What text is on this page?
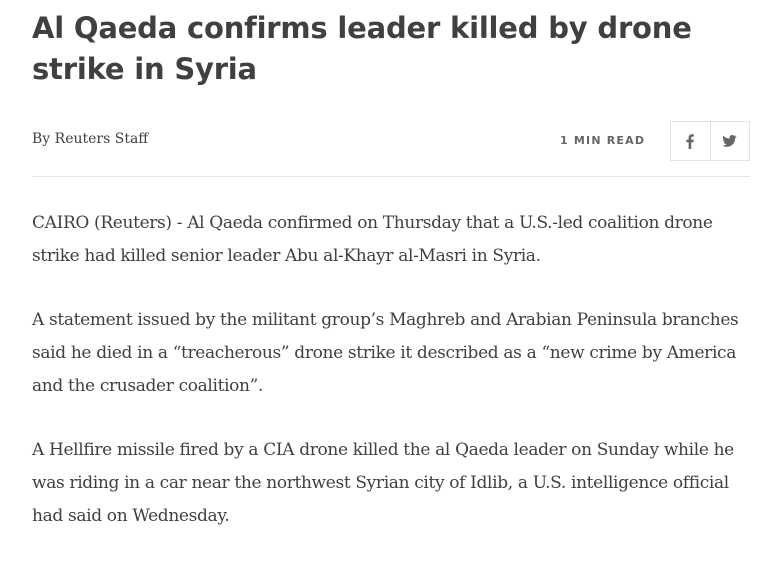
Al Qaeda confirms leader killed by drone strike in Syria
By Reuters Staff	1 MIN READ

CAIRO (Reuters) - Al Qaeda confirmed on Thursday that a U.S.-led coalition drone strike had killed senior leader Abu al-Khayr al-Masri in Syria.

A statement issued by the militant group’s Maghreb and Arabian Peninsula branches said he died in a “treacherous” drone strike it described as a “new crime by America and the crusader coalition”.

A Hellfire missile fired by a CIA drone killed the al Qaeda leader on Sunday while he was riding in a car near the northwest Syrian city of Idlib, a U.S. intelligence official had said on Wednesday.
